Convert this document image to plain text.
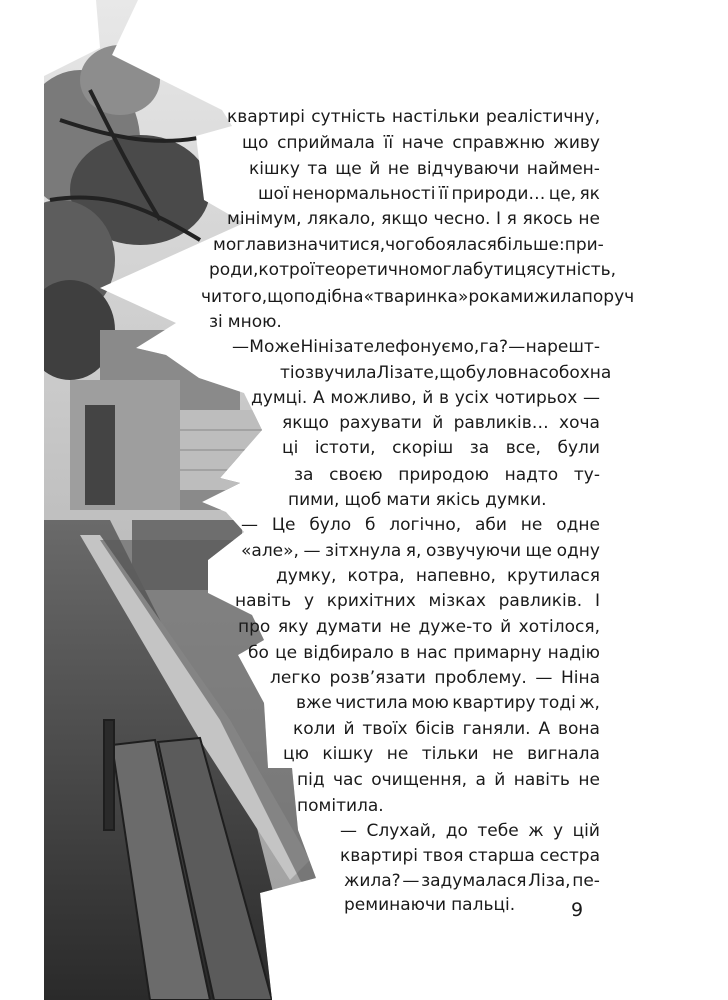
квартирі сутність настільки реалістичну,
що сприймала її наче справжню живу
кішку та ще й не відчуваючи наймен-
шої ненормальності її природи… це, як
мінімум, лякало, якщо чесно. І я якось не
могла визначитися, чого боялася більше: при-
роди, котрої теоретично могла бути ця сутність,
чи того, що подібна «тваринка» роками жила поруч
зі мною.
— Може Ніні зателефонуємо, га? — нарешт-
ті озвучила Ліза те, що було в нас обох на
думці. А можливо, й в усіх чотирьох —
якщо рахувати й равликів… хоча
ці істоти, скоріш за все, були
за своєю природою надто ту-
пими, щоб мати якісь думки.
— Це було б логічно, аби не одне
«але», — зітхнула я, озвучуючи ще одну
думку, котра, напевно, крутилася
навіть у крихітних мізках равликів. І
про яку думати не дуже-то й хотілося,
бо це відбирало в нас примарну надію
легко розв’язати проблему. — Ніна
вже чистила мою квартиру тоді ж,
коли й твоїх бісів ганяли. А вона
цю кішку не тільки не вигнала
під час очищення, а й навіть не
помітила.
— Слухай, до тебе ж у цій
квартирі твоя старша сестра
жила? — задумалася Ліза, пе-
реминаючи пальці.	9
